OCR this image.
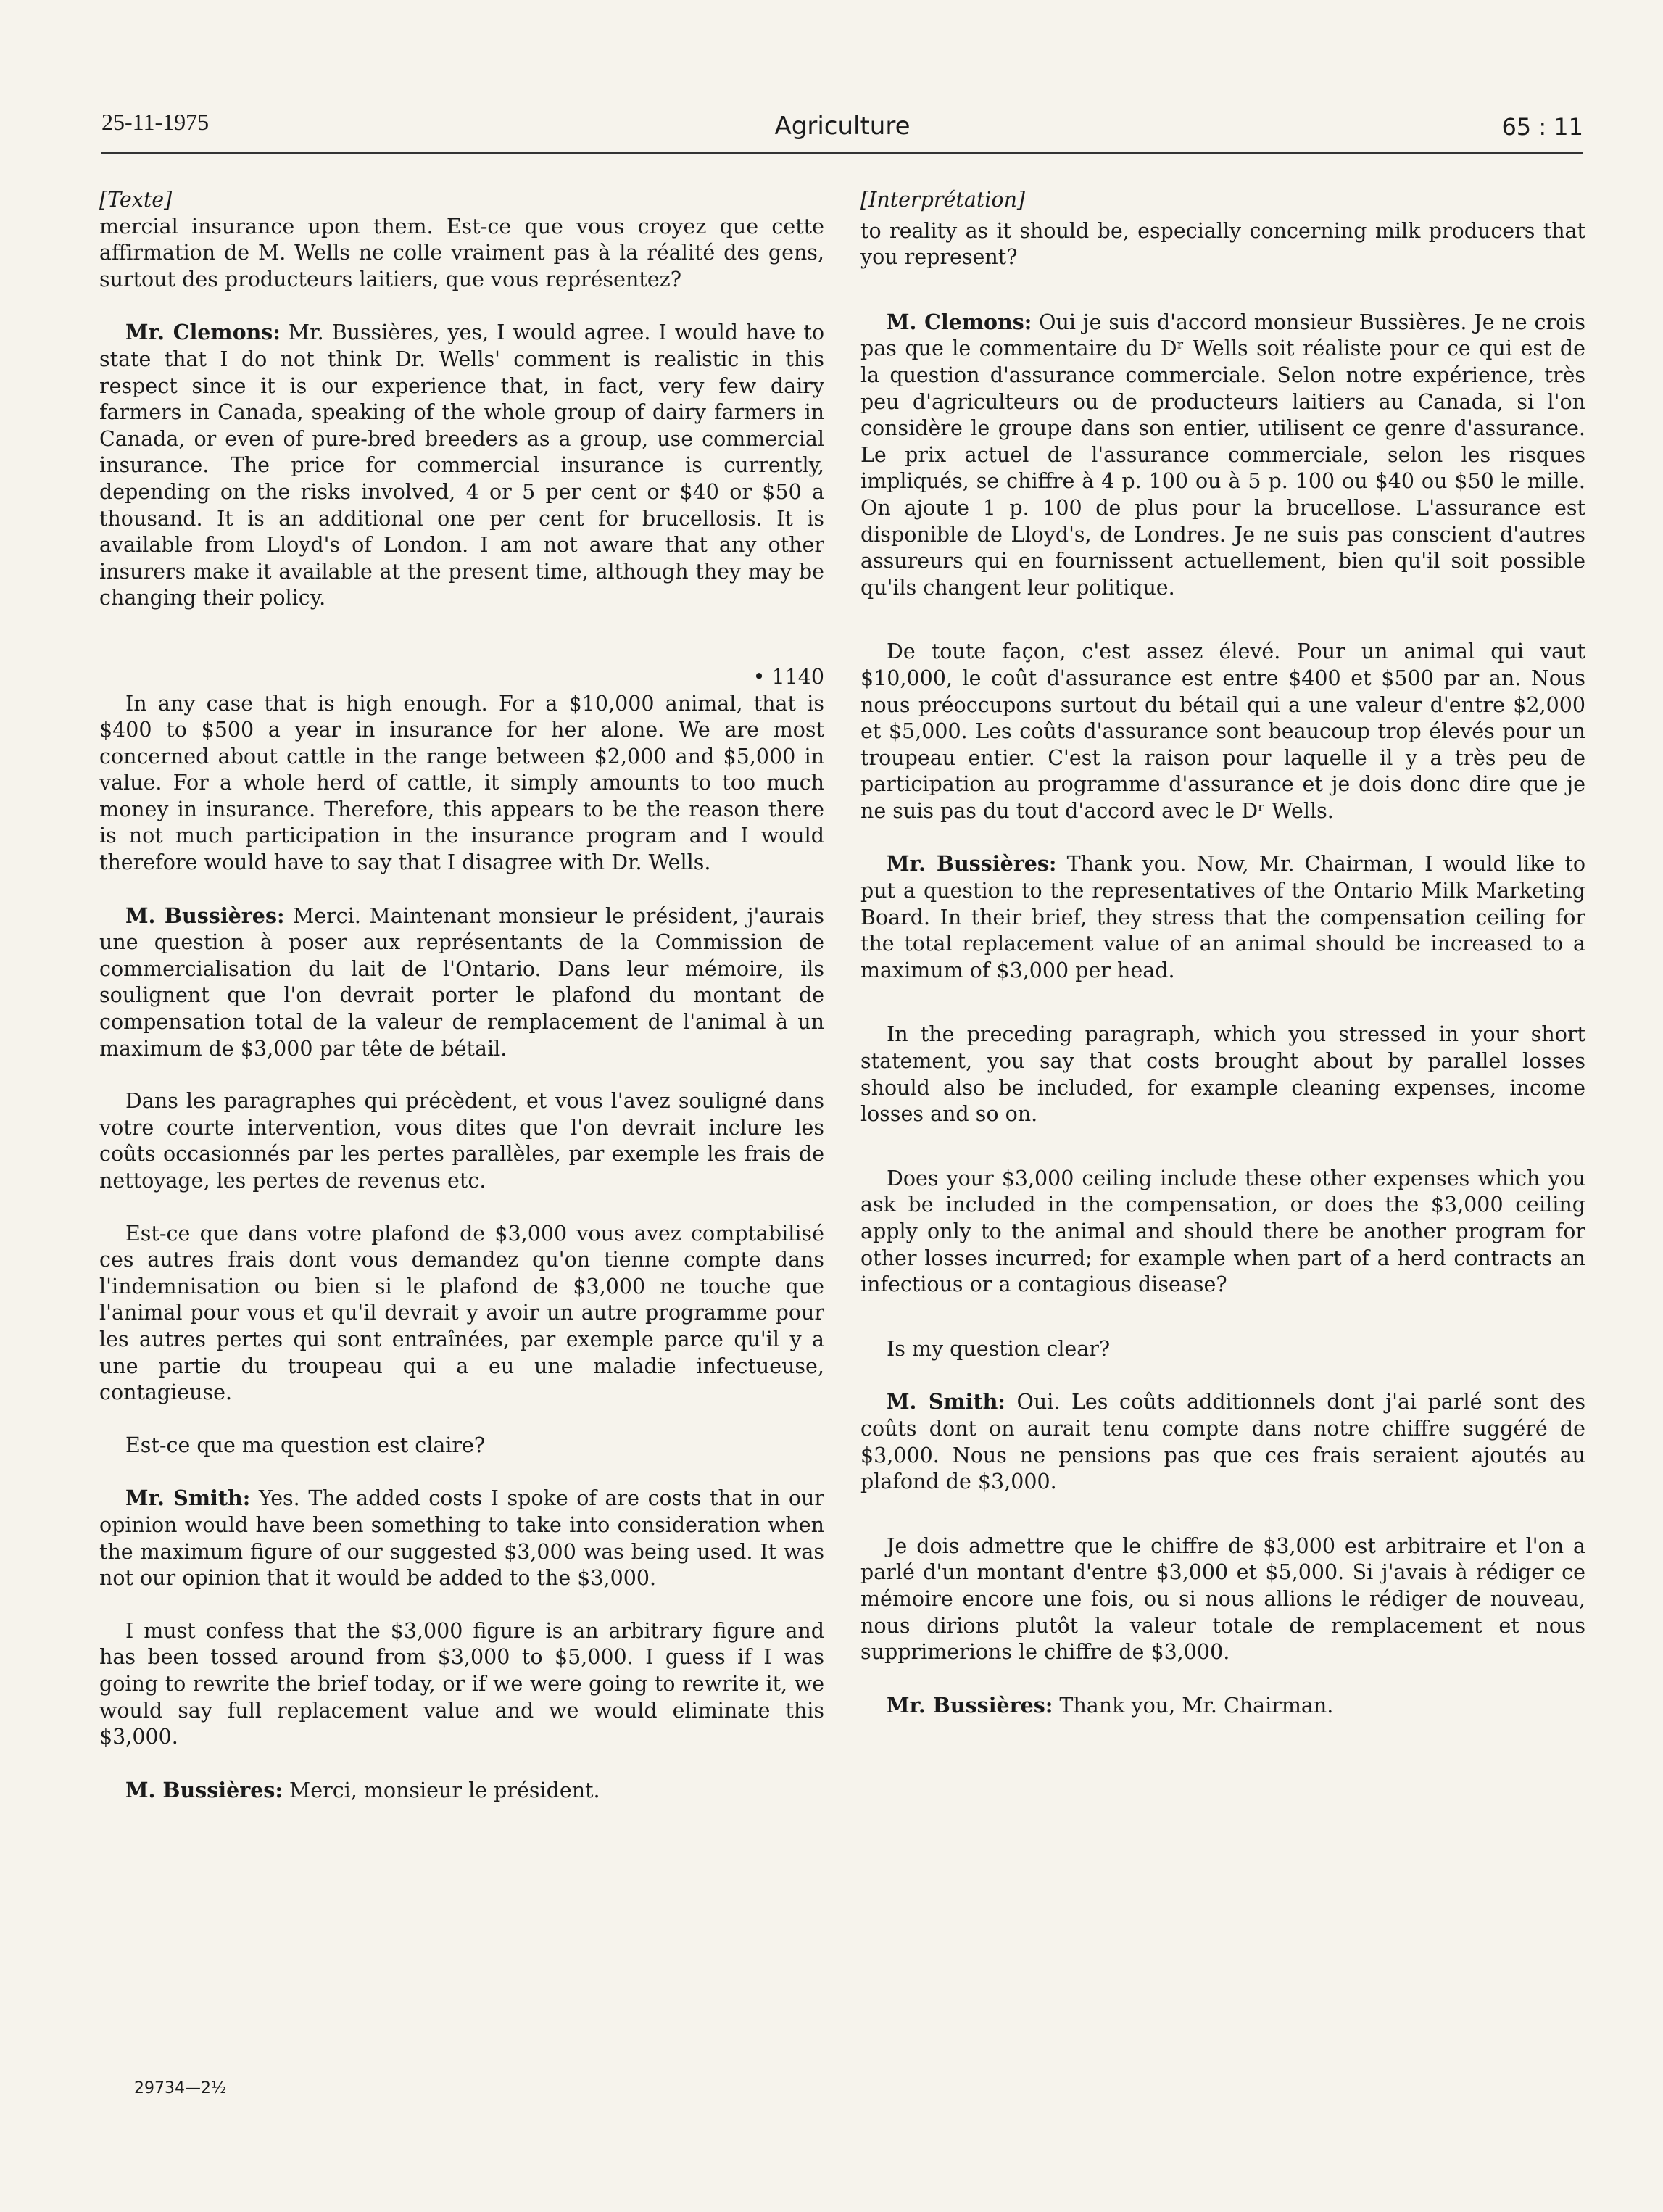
25-11-1975	Agriculture	65 : 11

[Texte]

mercial insurance upon them. Est-ce que vous croyez que cette affirmation de M. Wells ne colle vraiment pas à la réalité des gens, surtout des producteurs laitiers, que vous représentez?

Mr. Clemons: Mr. Bussières, yes, I would agree. I would have to state that I do not think Dr. Wells' comment is realistic in this respect since it is our experience that, in fact, very few dairy farmers in Canada, speaking of the whole group of dairy farmers in Canada, or even of pure-bred breeders as a group, use commercial insurance. The price for commercial insurance is currently, depending on the risks involved, 4 or 5 per cent or $40 or $50 a thousand. It is an additional one per cent for brucellosis. It is available from Lloyd's of London. I am not aware that any other insurers make it available at the present time, although they may be changing their policy.

• 1140

In any case that is high enough. For a $10,000 animal, that is $400 to $500 a year in insurance for her alone. We are most concerned about cattle in the range between $2,000 and $5,000 in value. For a whole herd of cattle, it simply amounts to too much money in insurance. Therefore, this appears to be the reason there is not much participation in the insurance program and I would therefore would have to say that I disagree with Dr. Wells.

M. Bussières: Merci. Maintenant monsieur le président, j'aurais une question à poser aux représentants de la Commission de commercialisation du lait de l'Ontario. Dans leur mémoire, ils soulignent que l'on devrait porter le plafond du montant de compensation total de la valeur de remplacement de l'animal à un maximum de $3,000 par tête de bétail.

Dans les paragraphes qui précèdent, et vous l'avez souligné dans votre courte intervention, vous dites que l'on devrait inclure les coûts occasionnés par les pertes parallèles, par exemple les frais de nettoyage, les pertes de revenus etc.

Est-ce que dans votre plafond de $3,000 vous avez comptabilisé ces autres frais dont vous demandez qu'on tienne compte dans l'indemnisation ou bien si le plafond de $3,000 ne touche que l'animal pour vous et qu'il devrait y avoir un autre programme pour les autres pertes qui sont entraînées, par exemple parce qu'il y a une partie du troupeau qui a eu une maladie infectueuse, contagieuse.

Est-ce que ma question est claire?

Mr. Smith: Yes. The added costs I spoke of are costs that in our opinion would have been something to take into consideration when the maximum figure of our suggested $3,000 was being used. It was not our opinion that it would be added to the $3,000.

I must confess that the $3,000 figure is an arbitrary figure and has been tossed around from $3,000 to $5,000. I guess if I was going to rewrite the brief today, or if we were going to rewrite it, we would say full replacement value and we would eliminate this $3,000.

M. Bussières: Merci, monsieur le président.

[Interprétation]

to reality as it should be, especially concerning milk producers that you represent?

M. Clemons: Oui je suis d'accord monsieur Bussières. Je ne crois pas que le commentaire du Dʳ Wells soit réaliste pour ce qui est de la question d'assurance commerciale. Selon notre expérience, très peu d'agriculteurs ou de producteurs laitiers au Canada, si l'on considère le groupe dans son entier, utilisent ce genre d'assurance. Le prix actuel de l'assurance commerciale, selon les risques impliqués, se chiffre à 4 p. 100 ou à 5 p. 100 ou $40 ou $50 le mille. On ajoute 1 p. 100 de plus pour la brucellose. L'assurance est disponible de Lloyd's, de Londres. Je ne suis pas conscient d'autres assureurs qui en fournissent actuellement, bien qu'il soit possible qu'ils changent leur politique.

De toute façon, c'est assez élevé. Pour un animal qui vaut $10,000, le coût d'assurance est entre $400 et $500 par an. Nous nous préoccupons surtout du bétail qui a une valeur d'entre $2,000 et $5,000. Les coûts d'assurance sont beaucoup trop élevés pour un troupeau entier. C'est la raison pour laquelle il y a très peu de participation au programme d'assurance et je dois donc dire que je ne suis pas du tout d'accord avec le Dʳ Wells.

Mr. Bussières: Thank you. Now, Mr. Chairman, I would like to put a question to the representatives of the Ontario Milk Marketing Board. In their brief, they stress that the compensation ceiling for the total replacement value of an animal should be increased to a maximum of $3,000 per head.

In the preceding paragraph, which you stressed in your short statement, you say that costs brought about by parallel losses should also be included, for example cleaning expenses, income losses and so on.

Does your $3,000 ceiling include these other expenses which you ask be included in the compensation, or does the $3,000 ceiling apply only to the animal and should there be another program for other losses incurred; for example when part of a herd contracts an infectious or a contagious disease?

Is my question clear?

M. Smith: Oui. Les coûts additionnels dont j'ai parlé sont des coûts dont on aurait tenu compte dans notre chiffre suggéré de $3,000. Nous ne pensions pas que ces frais seraient ajoutés au plafond de $3,000.

Je dois admettre que le chiffre de $3,000 est arbitraire et l'on a parlé d'un montant d'entre $3,000 et $5,000. Si j'avais à rédiger ce mémoire encore une fois, ou si nous allions le rédiger de nouveau, nous dirions plutôt la valeur totale de remplacement et nous supprimerions le chiffre de $3,000.

Mr. Bussières: Thank you, Mr. Chairman.

29734—2½
